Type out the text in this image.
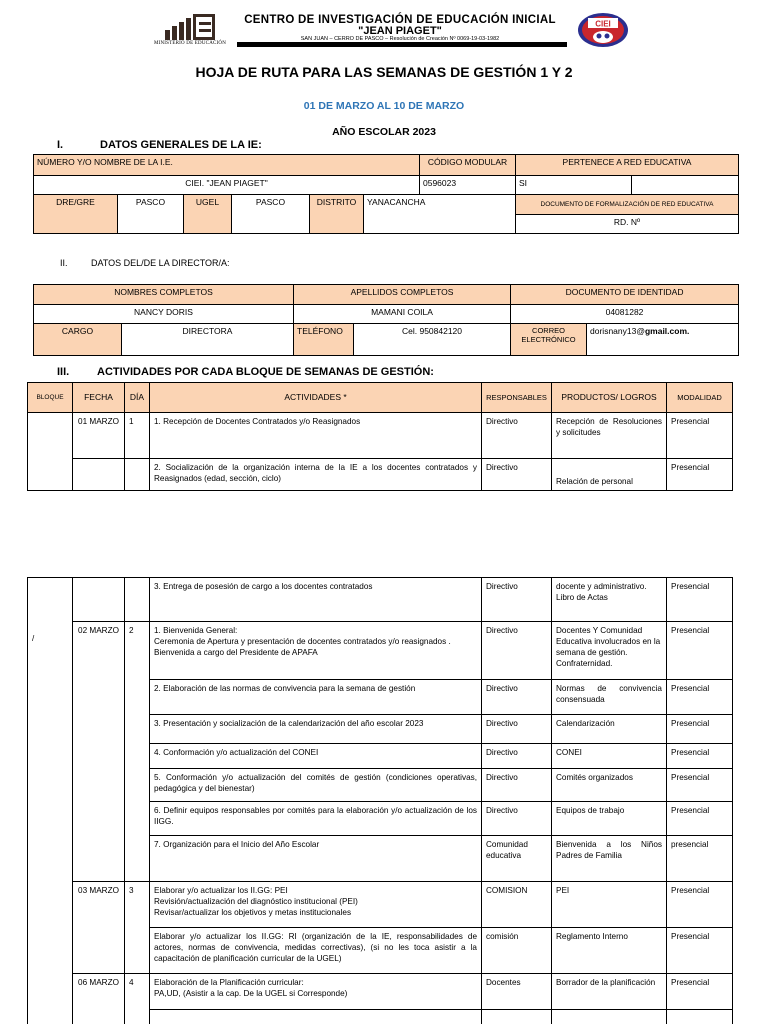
MINISTERIO DE EDUCACIÓN
CENTRO DE INVESTIGACIÓN DE EDUCACIÓN INICIAL
"JEAN PIAGET"
SAN JUAN – CERRO DE PASCO – Resolución de Creación Nº 0069-19-03-1982
CIEI
HOJA DE RUTA PARA LAS SEMANAS DE GESTIÓN 1 Y 2
01 DE MARZO AL 10 DE MARZO
AÑO ESCOLAR 2023
I.	DATOS GENERALES DE LA IE:
NÚMERO Y/O NOMBRE DE LA I.E.						CÓDIGO MODULAR	PERTENECE A RED EDUCATIVA	
CIEI. "JEAN PIAGET"						0596023	SI	
DRE/GRE	PASCO	UGEL	PASCO	DISTRITO	YANACANCHA		DOCUMENTO DE FORMALIZACIÓN DE RED EDUCATIVA	
							RD. Nº	
II.	DATOS DEL/DE LA DIRECTOR/A:
NOMBRES COMPLETOS		APELLIDOS COMPLETOS		DOCUMENTO DE IDENTIDAD	
NANCY DORIS		MAMANI COILA		04081282	
CARGO	DIRECTORA	TELÉFONO	Cel. 950842120	CORREO ELECTRÓNICO	dorisnany13@gmail.com.
III.	ACTIVIDADES POR CADA BLOQUE DE SEMANAS DE GESTIÓN:
BLOQUE	FECHA	DÍA	ACTIVIDADES *	RESPONSABLES	PRODUCTOS/ LOGROS	MODALIDAD
	01 MARZO	1	1. Recepción de Docentes Contratados y/o Reasignados	Directivo	Recepción de Resoluciones y solicitudes	Presencial
			2. Socialización de la organización interna de la IE a los docentes contratados y Reasignados (edad, sección, ciclo)	Directivo	Relación de personal	Presencial
/			3. Entrega de posesión de cargo a los docentes contratados	Directivo	docente y administrativo. Libro de Actas	Presencial
	02 MARZO	2	1. Bienvenida General:
Ceremonia de Apertura y presentación de docentes contratados y/o reasignados .
Bienvenida a cargo del Presidente de APAFA	Directivo	Docentes Y Comunidad Educativa involucrados en la semana de gestión. Confraternidad.	Presencial
			2. Elaboración de las normas de convivencia para la semana de gestión	Directivo	Normas de convivencia consensuada	Presencial
			3. Presentación y socialización de la calendarización del año escolar 2023	Directivo	Calendarización	Presencial
			4. Conformación y/o actualización del CONEI	Directivo	CONEI	Presencial
			5. Conformación y/o actualización del comités de gestión (condiciones operativas, pedagógica y del bienestar)	Directivo	Comités organizados	Presencial
			6. Definir equipos responsables por comités para la elaboración y/o actualización de los IIGG.	Directivo	Equipos de trabajo	Presencial
			7. Organización para el Inicio del Año Escolar	Comunidad educativa	Bienvenida a los Niños Padres de Familia	presencial
	03 MARZO	3	Elaborar y/o actualizar los II.GG: PEI
Revisión/actualización del diagnóstico institucional (PEI)
Revisar/actualizar los objetivos y metas institucionales	COMISION	PEI	Presencial
			Elaborar y/o actualizar los II.GG: RI (organización de la IE, responsabilidades de actores, normas de convivencia, medidas correctivas), (si no les toca asistir a la capacitación de planificación curricular de la UGEL)	comisión	Reglamento Interno	Presencial
	06 MARZO	4	Elaboración de la Planificación curricular:
PA,UD, (Asistir a la cap. De la UGEL si Corresponde)	Docentes	Borrador de la planificación	Presencial
